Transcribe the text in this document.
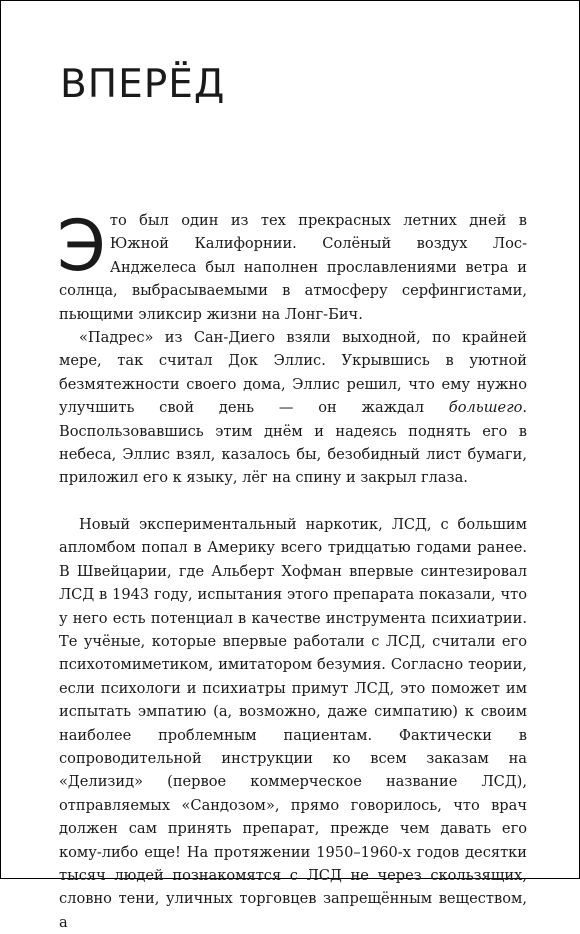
ВПЕРЁД

Это был один из тех прекрасных летних дней в Южной Калифорнии. Солёный воздух Лос-Анджелеса был наполнен прославлениями ветра и солнца, выбрасываемыми в атмосферу серфингистами, пьющими эликсир жизни на Лонг-Бич.

«Падрес» из Сан-Диего взяли выходной, по крайней мере, так считал Док Эллис. Укрывшись в уютной безмятежности своего дома, Эллис решил, что ему нужно улучшить свой день — он жаждал большего. Воспользовавшись этим днём и надеясь поднять его в небеса, Эллис взял, казалось бы, безобидный лист бумаги, приложил его к языку, лёг на спину и закрыл глаза.

Новый экспериментальный наркотик, ЛСД, с большим апломбом попал в Америку всего тридцатью годами ранее. В Швейцарии, где Альберт Хофман впервые синтезировал ЛСД в 1943 году, испытания этого препарата показали, что у него есть потенциал в качестве инструмента психиатрии. Те учёные, которые впервые работали с ЛСД, считали его психотомиметиком, имитатором безумия. Согласно теории, если психологи и психиатры примут ЛСД, это поможет им испытать эмпатию (а, возможно, даже симпатию) к своим наиболее проблемным пациентам. Фактически в сопроводительной инструкции ко всем заказам на «Делизид» (первое коммерческое название ЛСД), отправляемых «Сандозом», прямо говорилось, что врач должен сам принять препарат, прежде чем давать его кому-либо еще! На протяжении 1950–1960-х годов десятки тысяч людей познакомятся с ЛСД не через скользящих, словно тени, уличных торговцев запрещённым веществом, а
